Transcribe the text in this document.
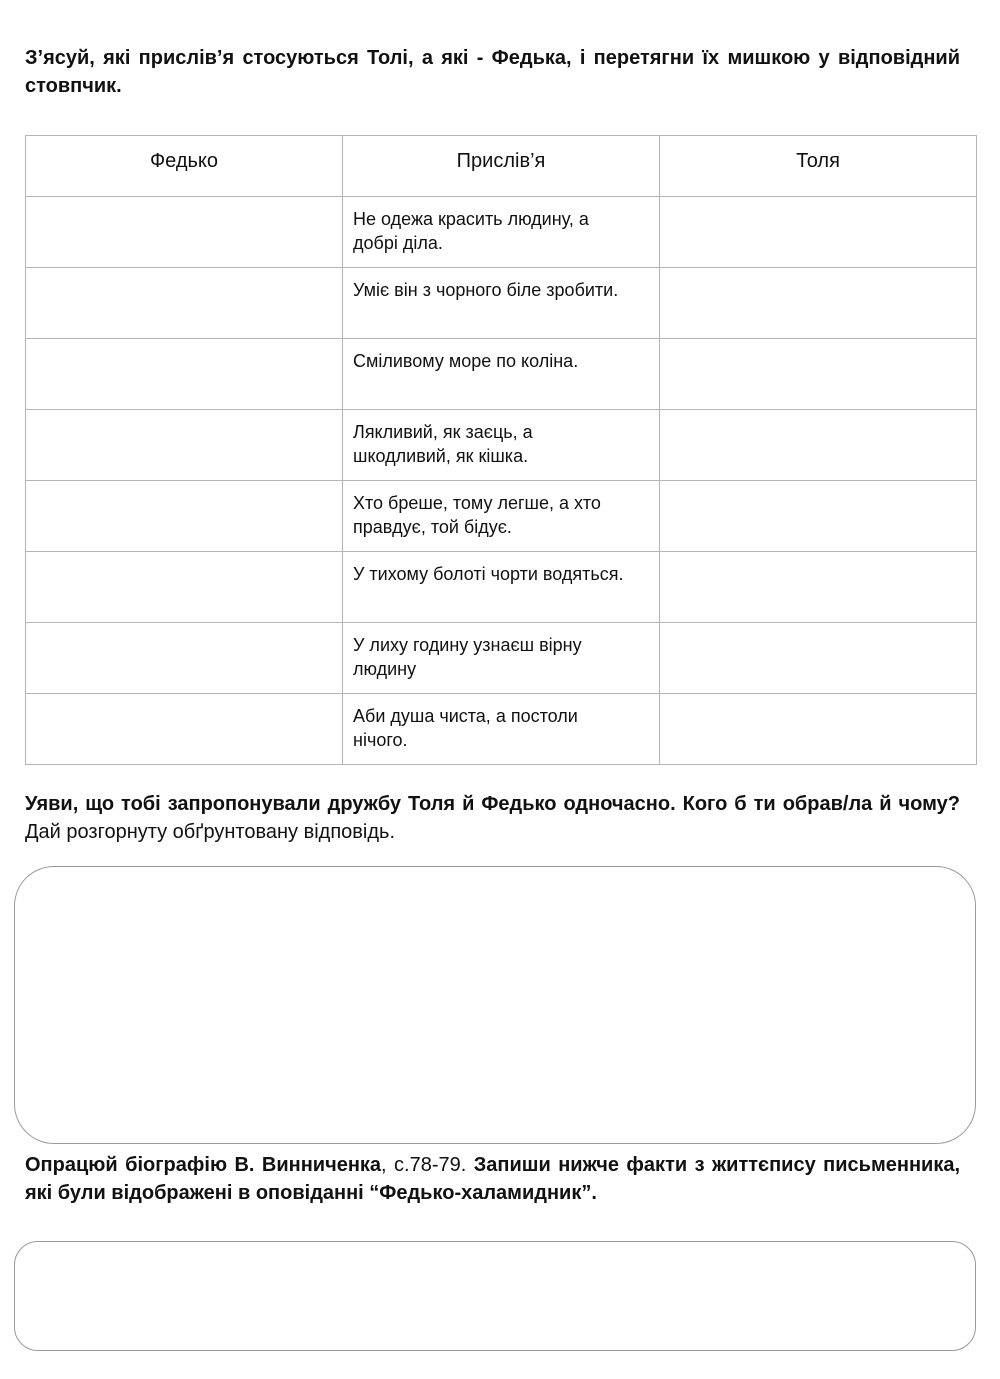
З’ясуй, які прислів’я стосуються Толі, а які - Федька, і перетягни їх мишкою у відповідний стовпчик.
Федько	Прислів’я	Толя
	Не одежа красить людину, а добрі діла.	
	Уміє він з чорного біле зробити.	
	Сміливому море по коліна.	
	Лякливий, як заєць, а шкодливий, як кішка.	
	Хто бреше, тому легше, а хто правдує, той бідує.	
	У тихому болоті чорти водяться.	
	У лиху годину узнаєш вірну людину	
	Аби душа чиста, а постоли нічого.	
Уяви, що тобі запропонували дружбу Толя й Федько одночасно. Кого б ти обрав/ла й чому? Дай розгорнуту обґрунтовану відповідь.
Опрацюй біографію В. Винниченка, с.78-79. Запиши нижче факти з життєпису письменника, які були відображені в оповіданні “Федько-халамидник”.
